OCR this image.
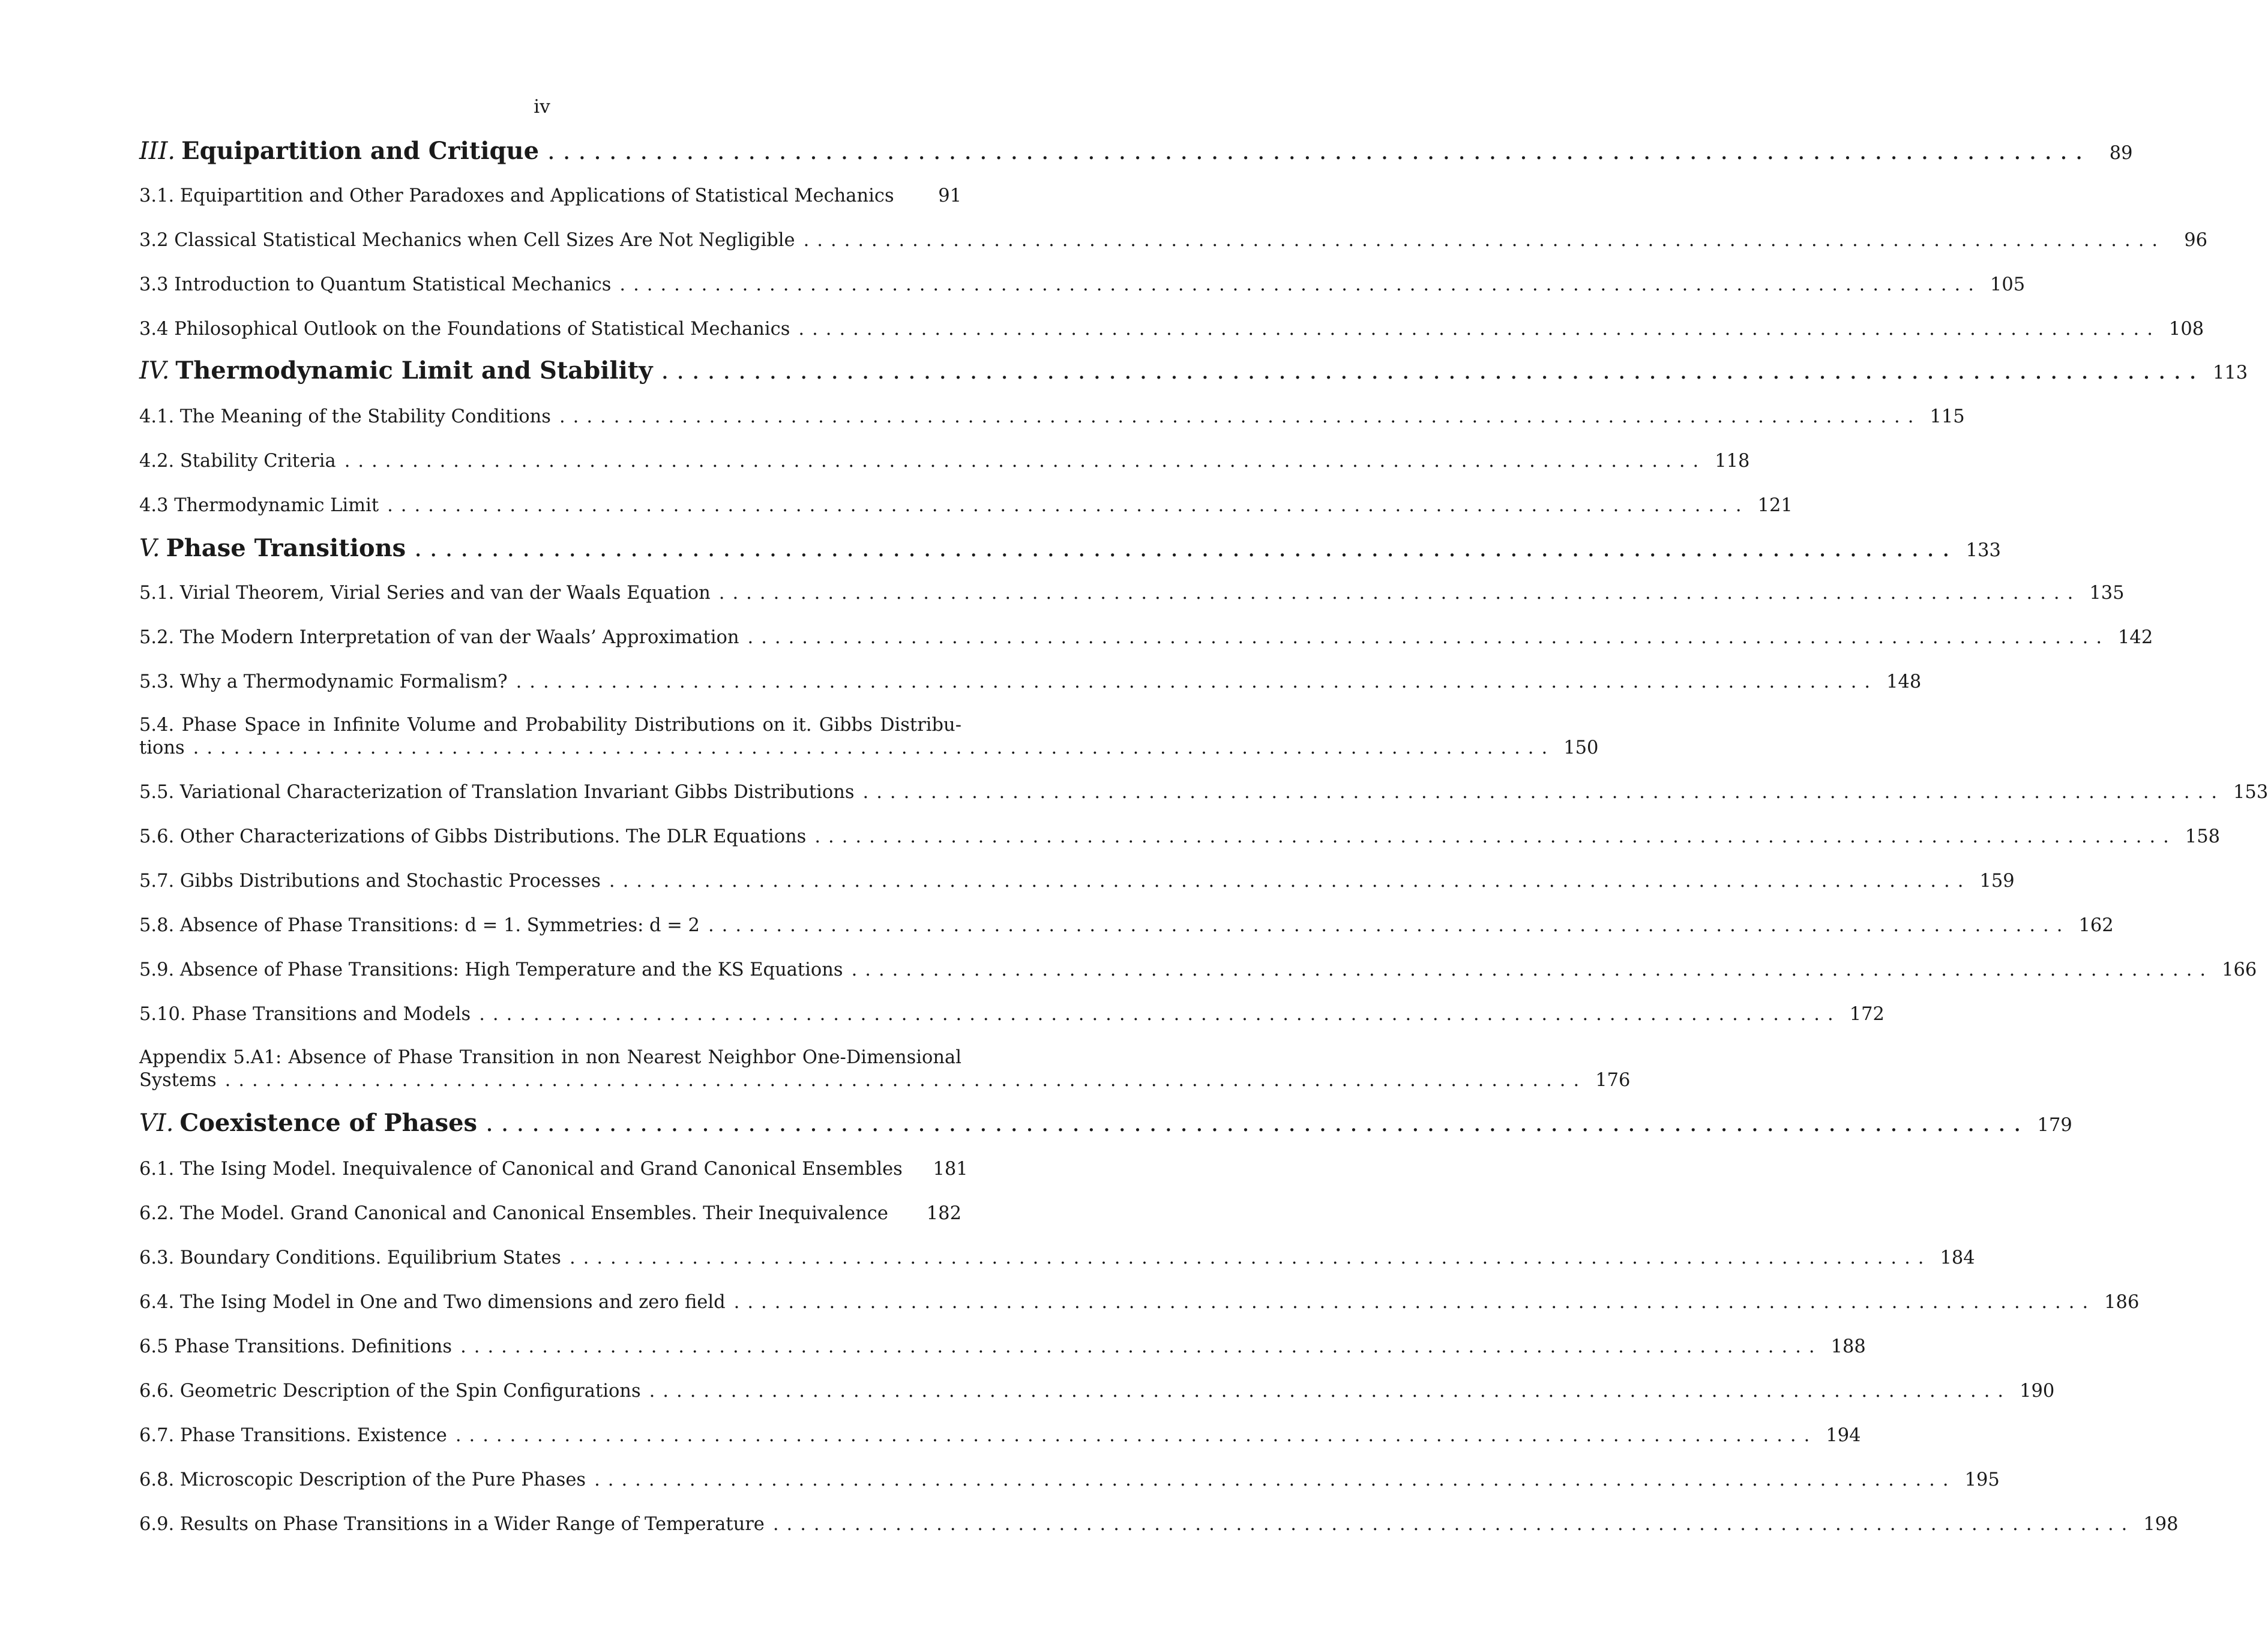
iv
III. Equipartition and Critique ....................................................................................................	89
3.1. Equipartition and Other Paradoxes and Applications of Statistical Mechanics	91
3.2 Classical Statistical Mechanics when Cell Sizes Are Not Negligible ....................................................................................................	96
3.3 Introduction to Quantum Statistical Mechanics .................................................................................................... 105
3.4 Philosophical Outlook on the Foundations of Statistical Mechanics .................................................................................................... 108
IV. Thermodynamic Limit and Stability .................................................................................................... 113
4.1. The Meaning of the Stability Conditions .................................................................................................... 115
4.2. Stability Criteria .................................................................................................... 118
4.3 Thermodynamic Limit .................................................................................................... 121
V. Phase Transitions .................................................................................................... 133
5.1. Virial Theorem, Virial Series and van der Waals Equation .................................................................................................... 135
5.2. The Modern Interpretation of van der Waals’ Approximation .................................................................................................... 142
5.3. Why a Thermodynamic Formalism? .................................................................................................... 148
5.4. Phase Space in Infinite Volume and Probability Distributions on it. Gibbs Distribu-
tions .................................................................................................... 150
5.5. Variational Characterization of Translation Invariant Gibbs Distributions .................................................................................................... 153
5.6. Other Characterizations of Gibbs Distributions. The DLR Equations .................................................................................................... 158
5.7. Gibbs Distributions and Stochastic Processes .................................................................................................... 159
5.8. Absence of Phase Transitions: d = 1. Symmetries: d = 2 .................................................................................................... 162
5.9. Absence of Phase Transitions: High Temperature and the KS Equations .................................................................................................... 166
5.10. Phase Transitions and Models .................................................................................................... 172
Appendix 5.A1: Absence of Phase Transition in non Nearest Neighbor One-Dimensional
Systems .................................................................................................... 176
VI. Coexistence of Phases .................................................................................................... 179
6.1. The Ising Model. Inequivalence of Canonical and Grand Canonical Ensembles 181
6.2. The Model. Grand Canonical and Canonical Ensembles. Their Inequivalence 182
6.3. Boundary Conditions. Equilibrium States .................................................................................................... 184
6.4. The Ising Model in One and Two dimensions and zero field .................................................................................................... 186
6.5 Phase Transitions. Definitions .................................................................................................... 188
6.6. Geometric Description of the Spin Configurations .................................................................................................... 190
6.7. Phase Transitions. Existence .................................................................................................... 194
6.8. Microscopic Description of the Pure Phases .................................................................................................... 195
6.9. Results on Phase Transitions in a Wider Range of Temperature .................................................................................................... 198
